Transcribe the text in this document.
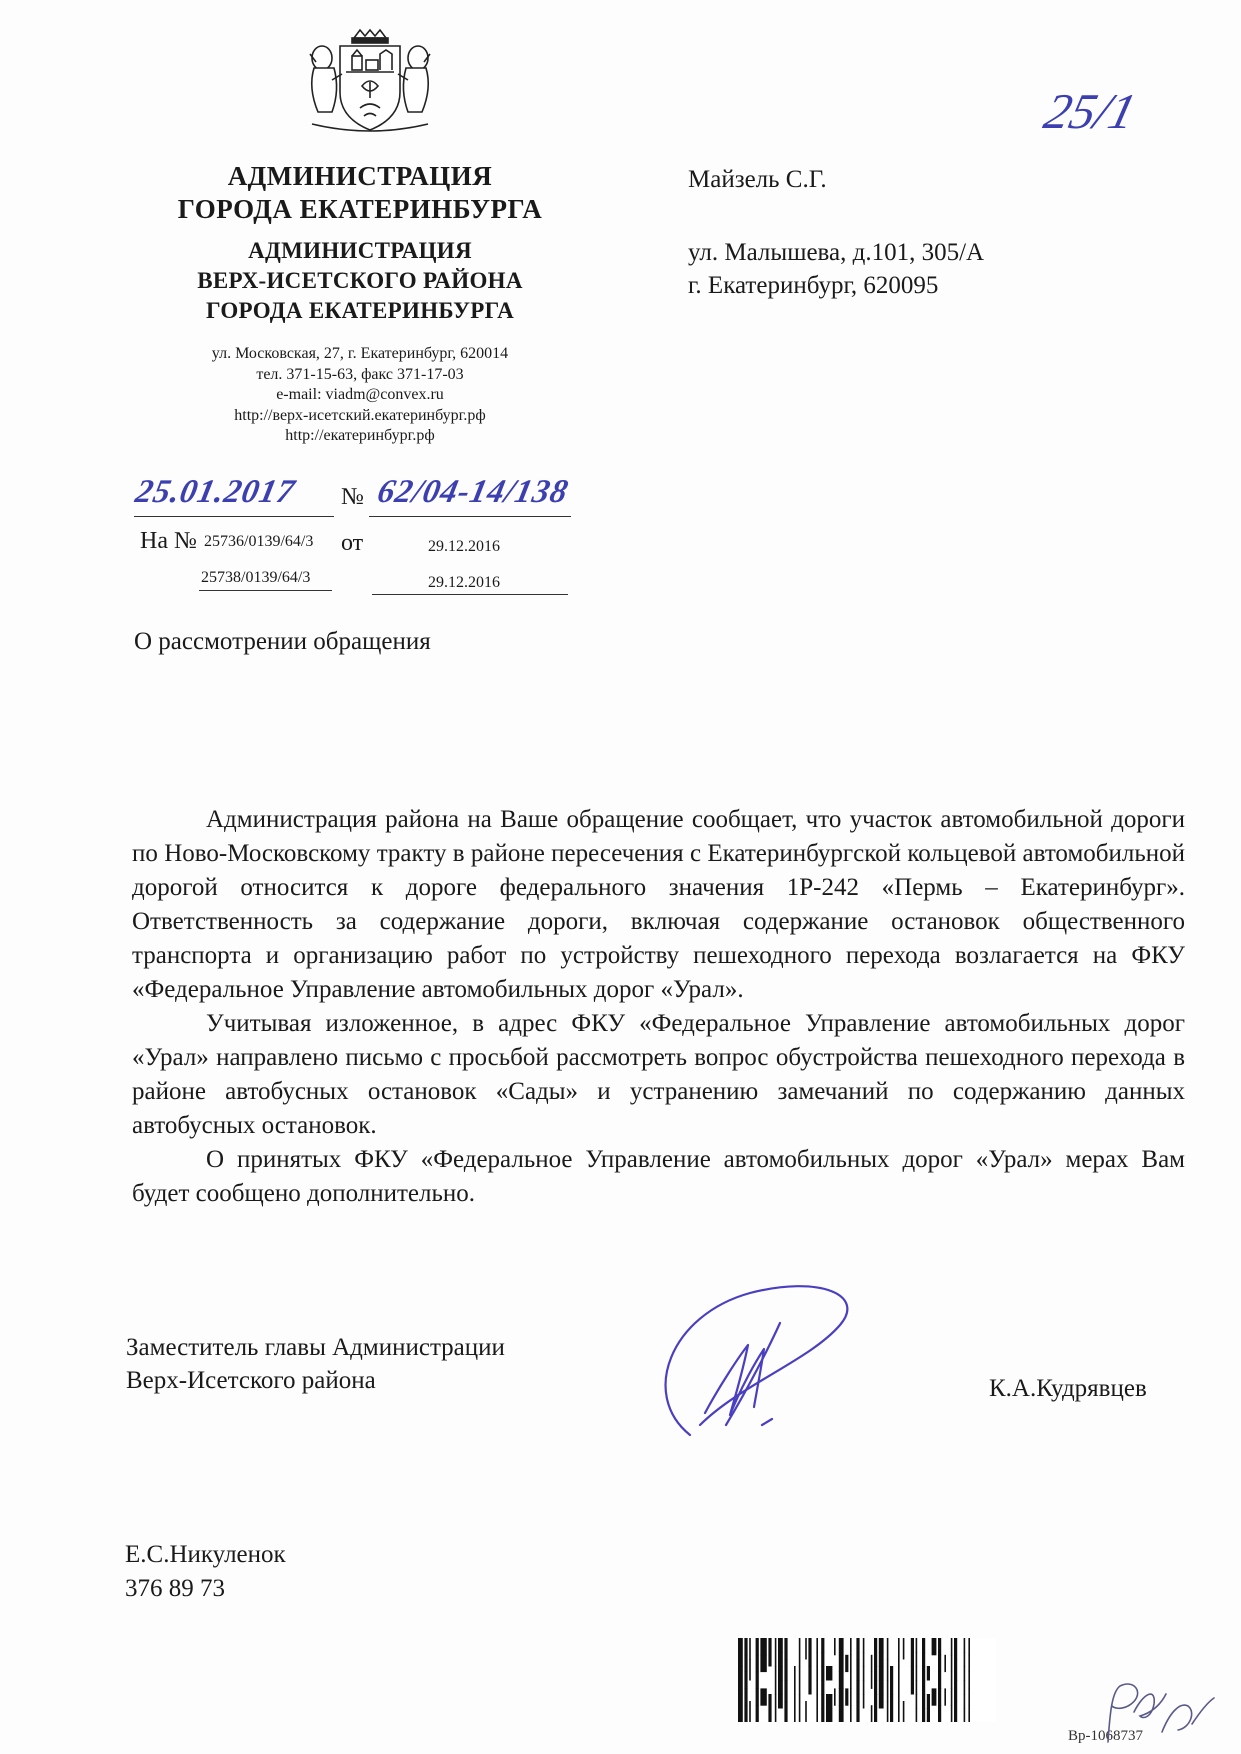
АДМИНИСТРАЦИЯ
ГОРОДА ЕКАТЕРИНБУРГА
АДМИНИСТРАЦИЯ
ВЕРХ-ИСЕТСКОГО РАЙОНА
ГОРОДА ЕКАТЕРИНБУРГА
ул. Московская, 27, г. Екатеринбург, 620014
тел. 371-15-63, факс 371-17-03
e-mail: viadm@convex.ru
http://верх-исетский.екатеринбург.рф
http://екатеринбург.рф
25/1
Майзель С.Г.
ул. Малышева, д.101, 305/А
г. Екатеринбург, 620095
25.01.2017 № 62/04-14/138
На № 25736/0139/64/3 от	29.12.2016
25738/0139/64/3	29.12.2016
О рассмотрении обращения

Администрация района на Ваше обращение сообщает, что участок автомобильной дороги по Ново-Московскому тракту в районе пересечения с Екатеринбургской кольцевой автомобильной дорогой относится к дороге федерального значения 1Р-242 «Пермь – Екатеринбург». Ответственность за содержание дороги, включая содержание остановок общественного транспорта и организацию работ по устройству пешеходного перехода возлагается на ФКУ «Федеральное Управление автомобильных дорог «Урал».

Учитывая изложенное, в адрес ФКУ «Федеральное Управление автомобильных дорог «Урал» направлено письмо с просьбой рассмотреть вопрос обустройства пешеходного перехода в районе автобусных остановок «Сады» и устранению замечаний по содержанию данных автобусных остановок.

О принятых ФКУ «Федеральное Управление автомобильных дорог «Урал» мерах Вам будет сообщено дополнительно.

Заместитель главы Администрации
Верх-Исетского района	К.А.Кудрявцев
Е.С.Никуленок
376 89 73
Вр-1068737
